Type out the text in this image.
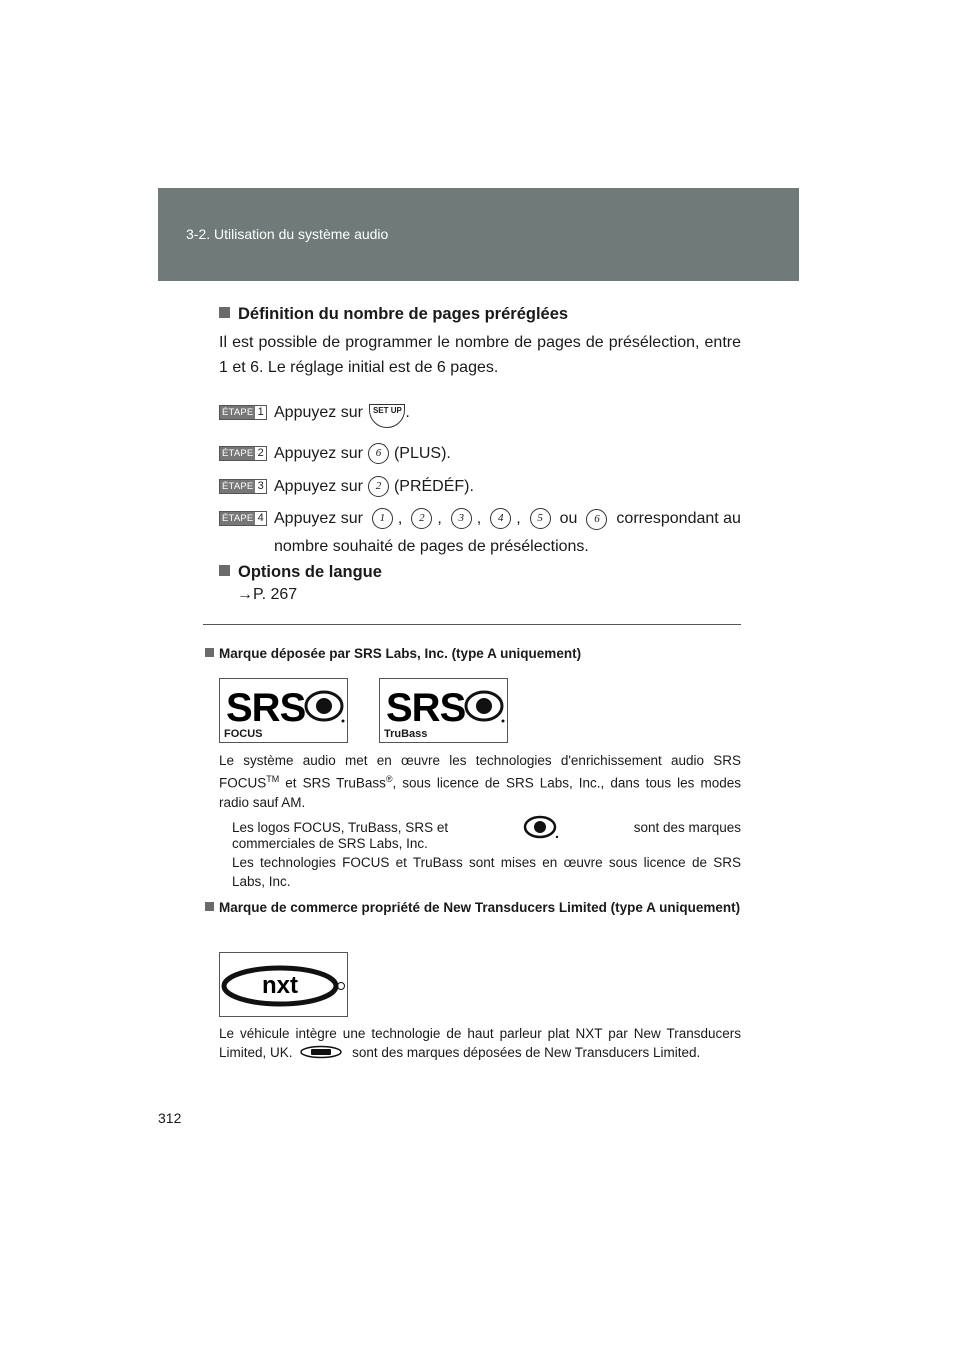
3-2. Utilisation du système audio
Définition du nombre de pages préréglées
Il est possible de programmer le nombre de pages de présélection, entre 1 et 6. Le réglage initial est de 6 pages.
ÉTAPE 1 Appuyez sur SET UP .
ÉTAPE 2 Appuyez sur 6 (PLUS).
ÉTAPE 3 Appuyez sur 2 (PRÉDÉF).
ÉTAPE 4 Appuyez sur	1 ,	2 ,	3 ,	4 ,	5	ou	6	correspondant au
nombre souhaité de pages de présélections.
Options de langue
→P. 267
Marque déposée par SRS Labs, Inc. (type A uniquement)
SRS
FOCUS
SRS
TruBass
Le système audio met en œuvre les technologies d'enrichissement audio SRS FOCUS™ et SRS TruBass®, sous licence de SRS Labs, Inc., dans tous les modes radio sauf AM.
Les logos FOCUS, TruBass, SRS et	sont des marques
commerciales de SRS Labs, Inc.
Les technologies FOCUS et TruBass sont mises en œuvre sous licence de SRS Labs, Inc.
Marque de commerce propriété de New Transducers Limited (type A uniquement)
nxt
Le véhicule intègre une technologie de haut parleur plat NXT par New Transducers Limited, UK.	sont des marques déposées de New Transducers Limited.
312
